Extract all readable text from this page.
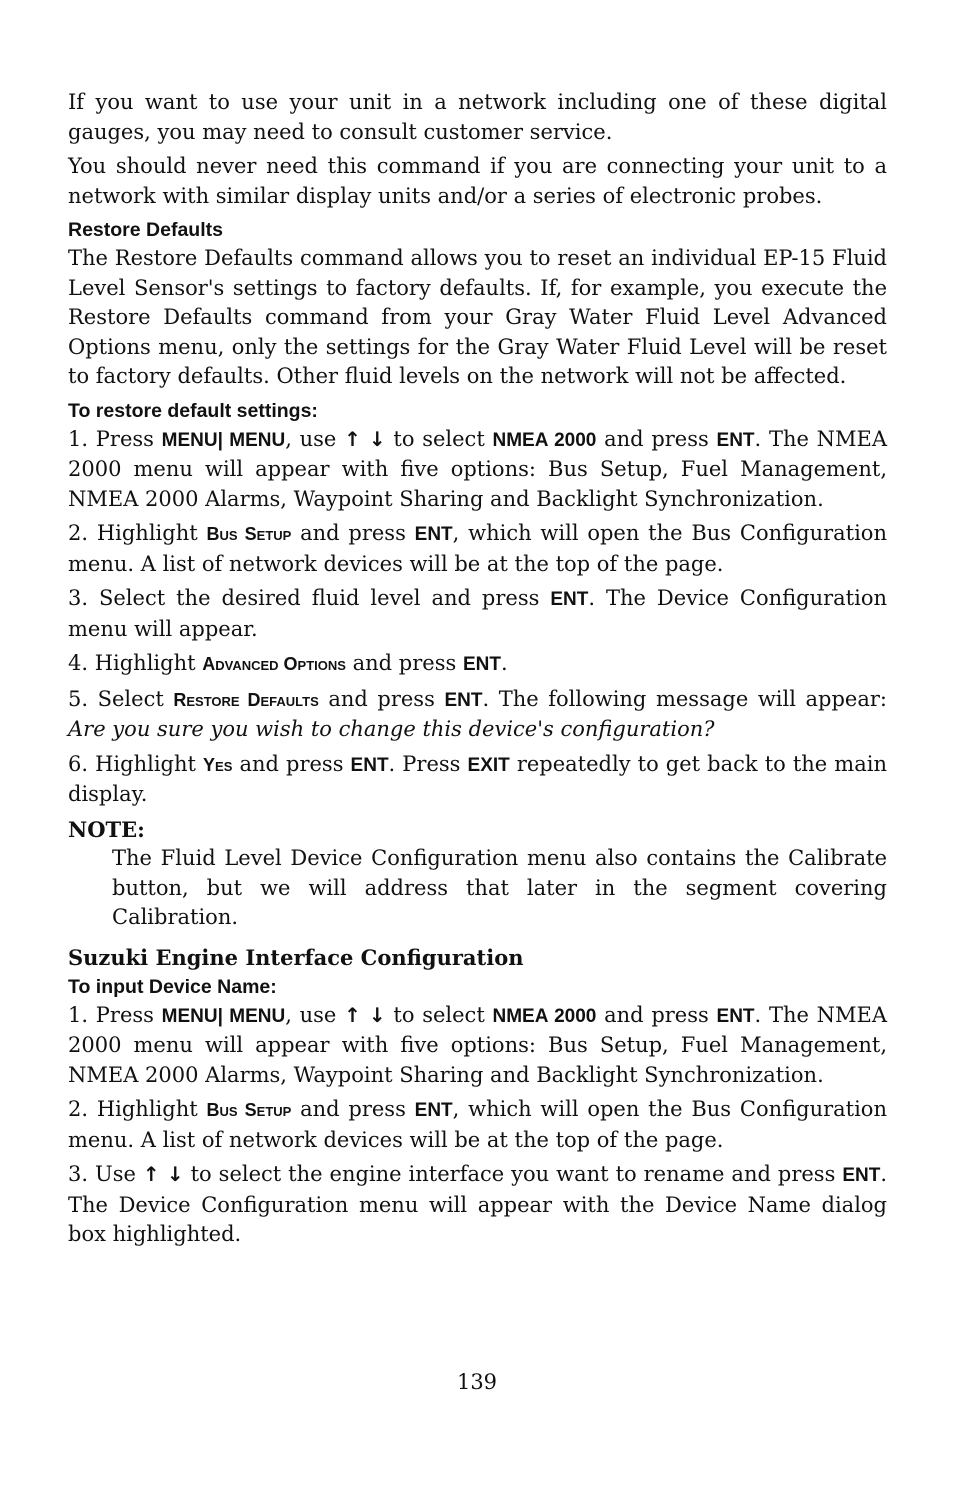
If you want to use your unit in a network including one of these digital gauges, you may need to consult customer service.

You should never need this command if you are connecting your unit to a network with similar display units and/or a series of electronic probes.

Restore Defaults

The Restore Defaults command allows you to reset an individual EP-15 Fluid Level Sensor's settings to factory defaults. If, for example, you execute the Restore Defaults command from your Gray Water Fluid Level Advanced Options menu, only the settings for the Gray Water Fluid Level will be reset to factory defaults. Other fluid levels on the network will not be affected.

To restore default settings:

1. Press MENU| MENU, use ↑ ↓ to select NMEA 2000 and press ENT. The NMEA 2000 menu will appear with five options: Bus Setup, Fuel Management, NMEA 2000 Alarms, Waypoint Sharing and Backlight Synchronization.

2. Highlight Bus Setup and press ENT, which will open the Bus Configuration menu. A list of network devices will be at the top of the page.

3. Select the desired fluid level and press ENT. The Device Configuration menu will appear.

4. Highlight Advanced Options and press ENT.

5. Select Restore Defaults and press ENT. The following message will appear: Are you sure you wish to change this device's configuration?

6. Highlight Yes and press ENT. Press EXIT repeatedly to get back to the main display.

NOTE:

The Fluid Level Device Configuration menu also contains the Calibrate button, but we will address that later in the segment covering Calibration.

Suzuki Engine Interface Configuration
To input Device Name:

1. Press MENU| MENU, use ↑ ↓ to select NMEA 2000 and press ENT. The NMEA 2000 menu will appear with five options: Bus Setup, Fuel Management, NMEA 2000 Alarms, Waypoint Sharing and Backlight Synchronization.

2. Highlight Bus Setup and press ENT, which will open the Bus Configuration menu. A list of network devices will be at the top of the page.

3. Use ↑ ↓ to select the engine interface you want to rename and press ENT. The Device Configuration menu will appear with the Device Name dialog box highlighted.

139
